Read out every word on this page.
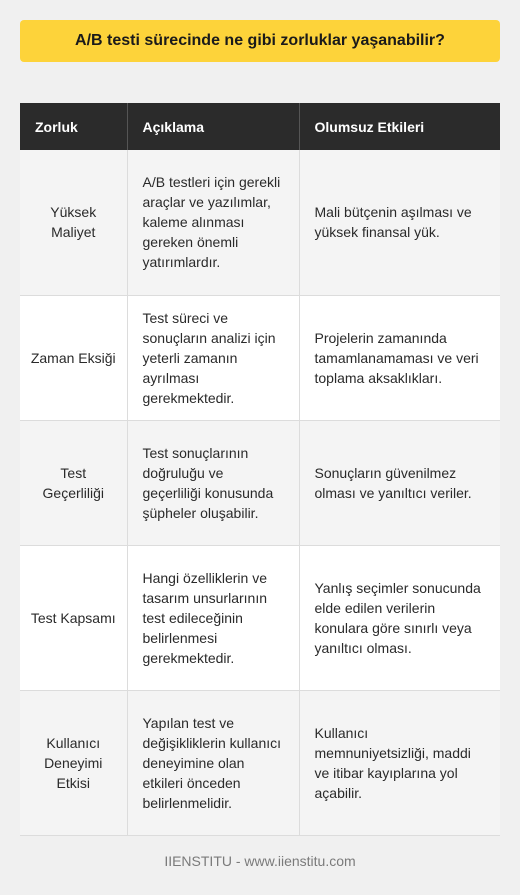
A/B testi sürecinde ne gibi zorluklar yaşanabilir?
Zorluk	Açıklama	Olumsuz Etkileri
Yüksek Maliyet	A/B testleri için gerekli araçlar ve yazılımlar, kaleme alınması gereken önemli yatırımlardır.	Mali bütçenin aşılması ve yüksek finansal yük.
Zaman Eksiği	Test süreci ve sonuçların analizi için yeterli zamanın ayrılması gerekmektedir.	Projelerin zamanında tamamlanamaması ve veri toplama aksaklıkları.
Test Geçerliliği	Test sonuçlarının doğruluğu ve geçerliliği konusunda şüpheler oluşabilir.	Sonuçların güvenilmez olması ve yanıltıcı veriler.
Test Kapsamı	Hangi özelliklerin ve tasarım unsurlarının test edileceğinin belirlenmesi gerekmektedir.	Yanlış seçimler sonucunda elde edilen verilerin konulara göre sınırlı veya yanıltıcı olması.
Kullanıcı Deneyimi Etkisi	Yapılan test ve değişikliklerin kullanıcı deneyimine olan etkileri önceden belirlenmelidir.	Kullanıcı memnuniyetsizliği, maddi ve itibar kayıplarına yol açabilir.
IIENSTITU - www.iienstitu.com
